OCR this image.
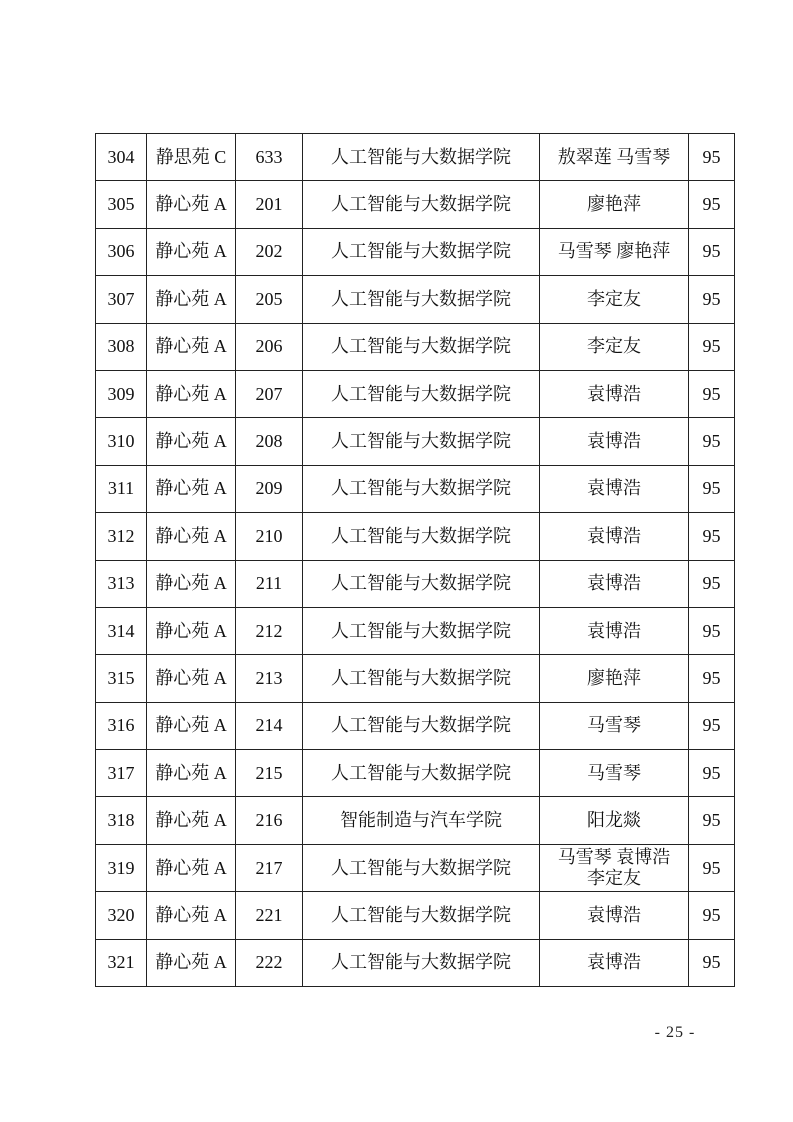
304	静思苑 C	633	人工智能与大数据学院	敖翠莲 马雪琴	95
305	静心苑 A	201	人工智能与大数据学院	廖艳萍	95
306	静心苑 A	202	人工智能与大数据学院	马雪琴 廖艳萍	95
307	静心苑 A	205	人工智能与大数据学院	李定友	95
308	静心苑 A	206	人工智能与大数据学院	李定友	95
309	静心苑 A	207	人工智能与大数据学院	袁博浩	95
310	静心苑 A	208	人工智能与大数据学院	袁博浩	95
311	静心苑 A	209	人工智能与大数据学院	袁博浩	95
312	静心苑 A	210	人工智能与大数据学院	袁博浩	95
313	静心苑 A	211	人工智能与大数据学院	袁博浩	95
314	静心苑 A	212	人工智能与大数据学院	袁博浩	95
315	静心苑 A	213	人工智能与大数据学院	廖艳萍	95
316	静心苑 A	214	人工智能与大数据学院	马雪琴	95
317	静心苑 A	215	人工智能与大数据学院	马雪琴	95
318	静心苑 A	216	智能制造与汽车学院	阳龙燚	95
319	静心苑 A	217	人工智能与大数据学院	马雪琴 袁博浩
李定友	95
320	静心苑 A	221	人工智能与大数据学院	袁博浩	95
321	静心苑 A	222	人工智能与大数据学院	袁博浩	95
- 25 -
